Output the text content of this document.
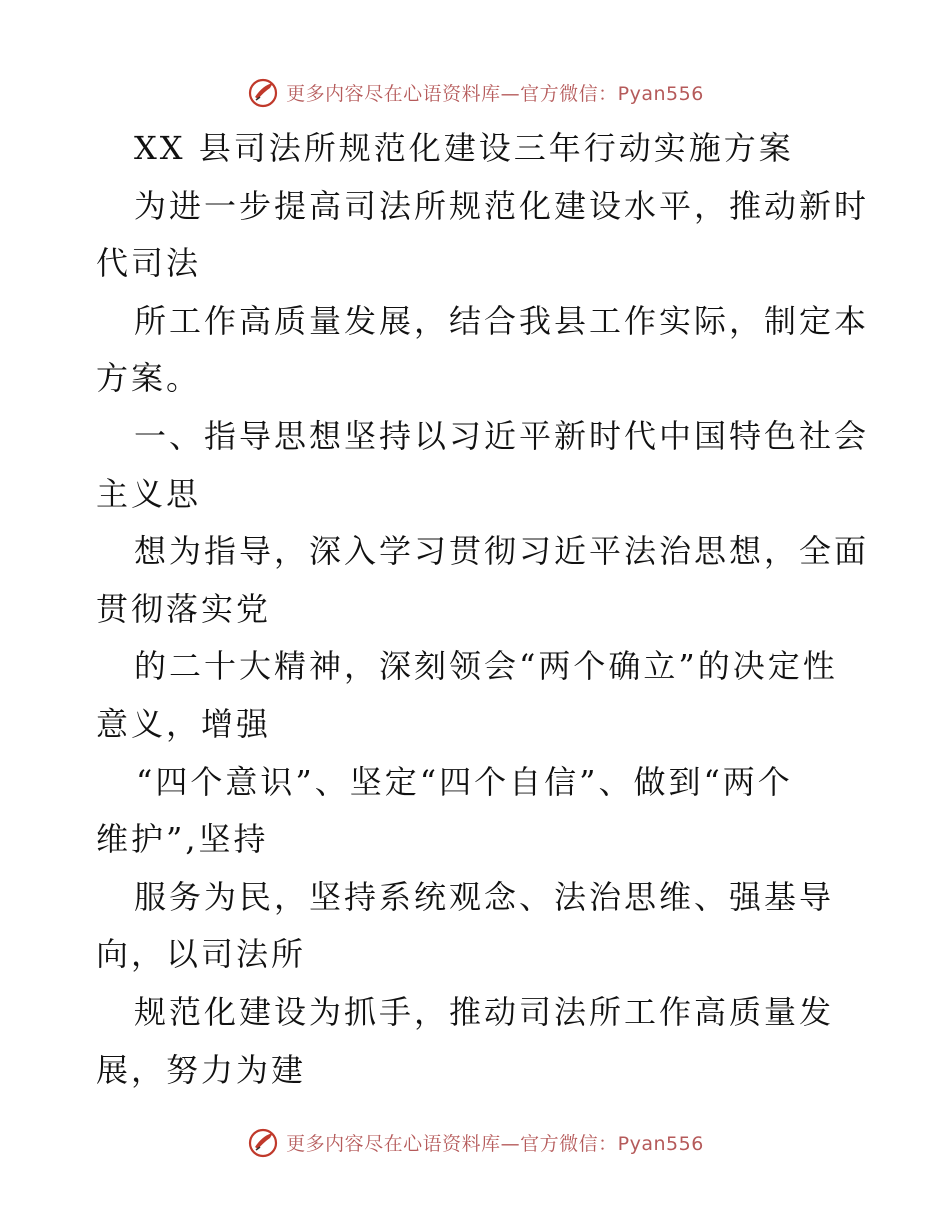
更多内容尽在心语资料库—官方微信：Pyan556
XX 县司法所规范化建设三年行动实施方案
为进一步提高司法所规范化建设水平，推动新时
代司法
所工作高质量发展，结合我县工作实际，制定本
方案。
一、指导思想坚持以习近平新时代中国特色社会
主义思
想为指导，深入学习贯彻习近平法治思想，全面
贯彻落实党
的二十大精神，深刻领会“两个确立”的决定性
意义，增强
“四个意识”、坚定“四个自信”、做到“两个
维护”,坚持
服务为民，坚持系统观念、法治思维、强基导
向，以司法所
规范化建设为抓手，推动司法所工作高质量发
展，努力为建
更多内容尽在心语资料库—官方微信：Pyan556
